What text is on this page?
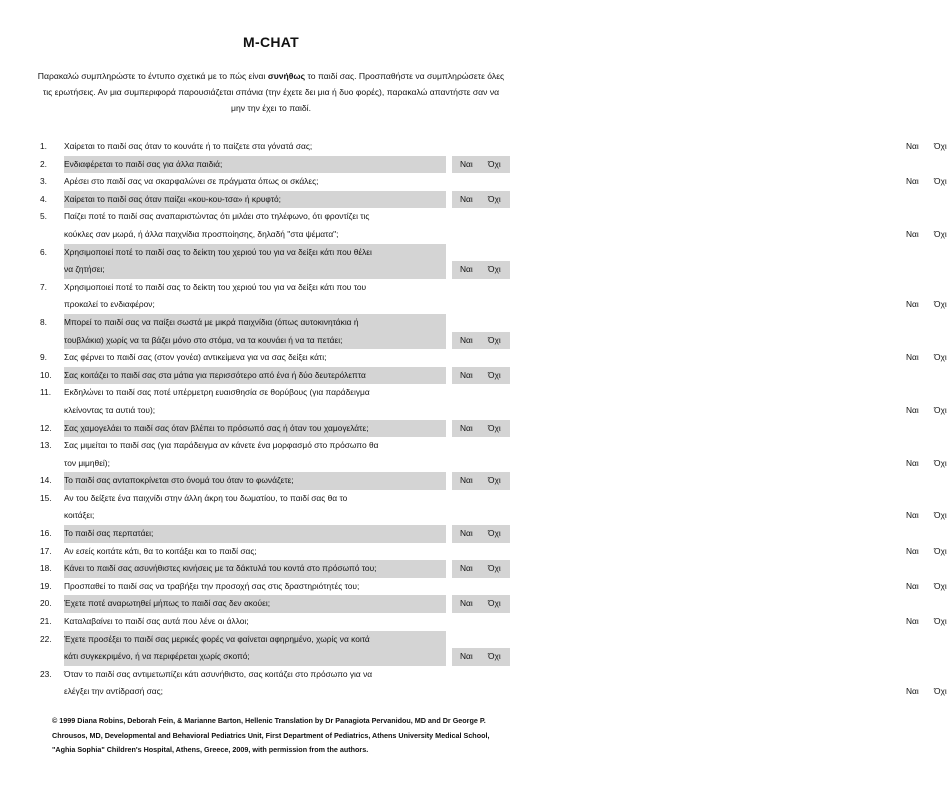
M-CHAT
Παρακαλώ συμπληρώστε το έντυπο σχετικά με το πώς είναι συνήθως το παιδί σας. Προσπαθήστε να συμπληρώσετε όλες τις ερωτήσεις. Αν μια συμπεριφορά παρουσιάζεται σπάνια (την έχετε δει μια ή δυο φορές), παρακαλώ απαντήστε σαν να μην την έχει το παιδί.
1.	Χαίρεται το παιδί σας όταν το κουνάτε ή το παίζετε στα γόνατά σας;	Ναι Όχι
2.	Ενδιαφέρεται το παιδί σας για άλλα παιδιά;	Ναι Όχι
3.	Αρέσει στο παιδί σας να σκαρφαλώνει σε πράγματα όπως οι σκάλες;	Ναι Όχι
4.	Χαίρεται το παιδί σας όταν παίζει «κου-κου-τσα» ή κρυφτό;	Ναι Όχι
5.	Παίζει ποτέ το παιδί σας αναπαριστώντας ότι μιλάει στο τηλέφωνο, ότι φροντίζει τις
κούκλες σαν μωρά, ή άλλα παιχνίδια προσποίησης, δηλαδή "στα ψέματα";	Ναι Όχι
6.	Χρησιμοποιεί ποτέ το παιδί σας το δείκτη του χεριού του για να δείξει κάτι που θέλει
να ζητήσει;	Ναι Όχι
7.	Χρησιμοποιεί ποτέ το παιδί σας το δείκτη του χεριού του για να δείξει κάτι που του
προκαλεί το ενδιαφέρον;	Ναι Όχι
8.	Μπορεί το παιδί σας να παίξει σωστά με μικρά παιχνίδια (όπως αυτοκινητάκια ή
τουβλάκια) χωρίς να τα βάζει μόνο στο στόμα, να τα κουνάει ή να τα πετάει;	Ναι Όχι
9.	Σας φέρνει το παιδί σας (στον γονέα) αντικείμενα για να σας δείξει κάτι;	Ναι Όχι
10.	Σας κοιτάζει το παιδί σας στα μάτια για περισσότερο από ένα ή δύο δευτερόλεπτα	Ναι Όχι
11.	Εκδηλώνει το παιδί σας ποτέ υπέρμετρη ευαισθησία σε θορύβους (για παράδειγμα
κλείνοντας τα αυτιά του);	Ναι Όχι
12.	Σας χαμογελάει το παιδί σας όταν βλέπει το πρόσωπό σας ή όταν του χαμογελάτε;	Ναι Όχι
13.	Σας μιμείται το παιδί σας (για παράδειγμα αν κάνετε ένα μορφασμό στο πρόσωπο θα
τον μιμηθεί);	Ναι Όχι
14.	Το παιδί σας ανταποκρίνεται στο όνομά του όταν το φωνάζετε;	Ναι Όχι
15.	Αν του δείξετε ένα παιχνίδι στην άλλη άκρη του δωματίου, το παιδί σας θα το
κοιτάξει;	Ναι Όχι
16.	Το παιδί σας περπατάει;	Ναι Όχι
17.	Αν εσείς κοιτάτε κάτι, θα το κοιτάξει και το παιδί σας;	Ναι Όχι
18.	Κάνει το παιδί σας ασυνήθιστες κινήσεις με τα δάκτυλά του κοντά στο πρόσωπό του;	Ναι Όχι
19.	Προσπαθεί το παιδί σας να τραβήξει την προσοχή σας στις δραστηριότητές του;	Ναι Όχι
20.	Έχετε ποτέ αναρωτηθεί μήπως το παιδί σας δεν ακούει;	Ναι Όχι
21.	Καταλαβαίνει το παιδί σας αυτά που λένε οι άλλοι;	Ναι Όχι
22.	Έχετε προσέξει το παιδί σας μερικές φορές να φαίνεται αφηρημένο, χωρίς να κοιτά
κάτι συγκεκριμένο, ή να περιφέρεται χωρίς σκοπό;	Ναι Όχι
23.	Όταν το παιδί σας αντιμετωπίζει κάτι ασυνήθιστο, σας κοιτάζει στο πρόσωπο για να
ελέγξει την αντίδρασή σας;	Ναι Όχι
© 1999 Diana Robins, Deborah Fein, & Marianne Barton, Hellenic Translation by Dr Panagiota Pervanidou, MD and Dr George P. Chrousos, MD, Developmental and Behavioral Pediatrics Unit, First Department of Pediatrics, Athens University Medical School, "Aghia Sophia" Children's Hospital, Athens, Greece, 2009, with permission from the authors.
